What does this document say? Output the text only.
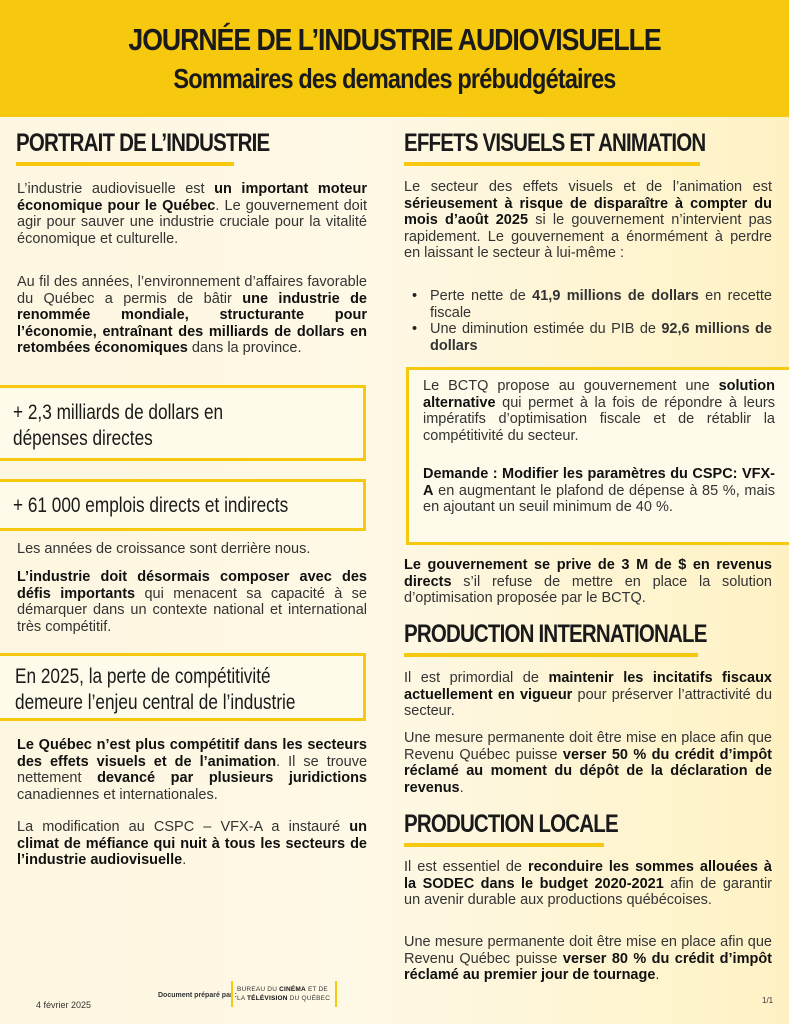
JOURNÉE DE L’INDUSTRIE AUDIOVISUELLE
Sommaires des demandes prébudgétaires
PORTRAIT DE L’INDUSTRIE
L’industrie audiovisuelle est un important moteur économique pour le Québec. Le gouvernement doit agir pour sauver une industrie cruciale pour la vitalité économique et culturelle.
Au fil des années, l’environnement d’affaires favorable du Québec a permis de bâtir une industrie de renommée mondiale, structurante pour l’économie, entraînant des milliards de dollars en retombées économiques dans la province.
+ 2,3 milliards de dollars en
dépenses directes
+ 61 000 emplois directs et indirects
Les années de croissance sont derrière nous.
L’industrie doit désormais composer avec des défis importants qui menacent sa capacité à se démarquer dans un contexte national et international très compétitif.
En 2025, la perte de compétitivité
demeure l’enjeu central de l’industrie
Le Québec n’est plus compétitif dans les secteurs des effets visuels et de l’animation. Il se trouve nettement devancé par plusieurs juridictions canadiennes et internationales.
La modification au CSPC – VFX-A a instauré un climat de méfiance qui nuit à tous les secteurs de l’industrie audiovisuelle.
EFFETS VISUELS ET ANIMATION
Le secteur des effets visuels et de l’animation est sérieusement à risque de disparaître à compter du mois d’août 2025 si le gouvernement n’intervient pas rapidement. Le gouvernement a énormément à perdre en laissant le secteur à lui-même :
• Perte nette de 41,9 millions de dollars en recette fiscale
• Une diminution estimée du PIB de 92,6 millions de dollars
Le BCTQ propose au gouvernement une solution alternative qui permet à la fois de répondre à leurs impératifs d’optimisation fiscale et de rétablir la compétitivité du secteur.
Demande : Modifier les paramètres du CSPC: VFX-A en augmentant le plafond de dépense à 85 %, mais en ajoutant un seuil minimum de 40 %.
Le gouvernement se prive de 3 M de $ en revenus directs s’il refuse de mettre en place la solution d’optimisation proposée par le BCTQ.
PRODUCTION INTERNATIONALE
Il est primordial de maintenir les incitatifs fiscaux actuellement en vigueur pour préserver l’attractivité du secteur.
Une mesure permanente doit être mise en place afin que Revenu Québec puisse verser 50 % du crédit d’impôt réclamé au moment du dépôt de la déclaration de revenus.
PRODUCTION LOCALE
Il est essentiel de reconduire les sommes allouées à la SODEC dans le budget 2020-2021 afin de garantir un avenir durable aux productions québécoises.
Une mesure permanente doit être mise en place afin que Revenu Québec puisse verser 80 % du crédit d’impôt réclamé au premier jour de tournage.
4 février 2025
Document préparé par :
BUREAU DU CINÉMA ET DE
LA TÉLÉVISION DU QUÉBEC	1/1
